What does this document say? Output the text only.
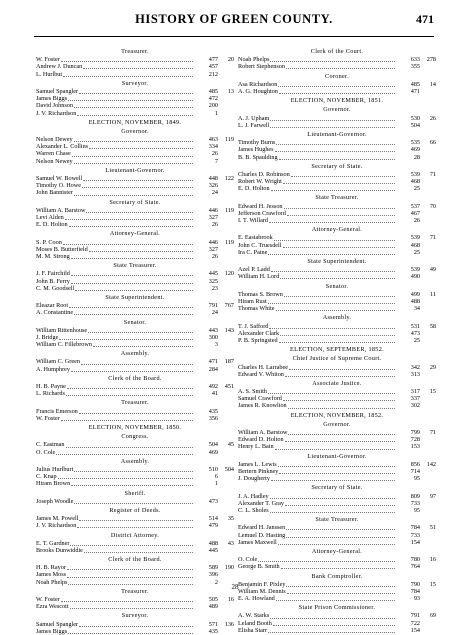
HISTORY OF GREEN COUNTY.	471
Treasurer.
W. Foster	477	20
Andrew J. Duncan	457
L. Hurlbut	212
Surveyor.
Samuel Spangler	485	13
James Biggs	472
David Johnson	200
J. V. Richardson	1
ELECTION, NOVEMBER, 1849.
Governor.
Nelson Dewey	463	119
Alexander L. Collins	334
Warren Chase	26
Nelson Newey	7
Lieutenant-Governor.
Samuel W. Bowell	448	122
Timothy O. Howe	326
John Bannister	24
Secretary of State.
William A. Barstow	446	119
Levi Alden	327
E. D. Holton	26
Attorney-General.
S. P. Coon	446	119
Moses B. Butterfield	327
M. M. Strong	26
State Treasurer.
J. F. Fairchild	445	120
John B. Ferry	325
C. M. Goodsell	23
State Superintendent.
Eleazar Root	791	767
A. Constantine	24
Senator.
William Rittenhouse	443	143
J. Bridge	300
William C. Fillebrown	3
Assembly.
William C. Green	471	187
A. Humphrey	284
Clerk of the Board.
H. B. Payne	492	451
L. Richards	41
Treasurer.
Francis Emerson	435
W. Foster	356
ELECTION, NOVEMBER, 1850.
Congress.
C. Eastman	504	45
O. Cole	469
Assembly.
Julius Hurlburt	510	504
C. Knap	6
Hiram Brown	1
Sheriff.
Joseph Woodle	473
Register of Deeds.
James M. Powell	514	35
J. V. Richardson	479
District Attorney.
E. T. Gardner	488	43
Brooks Dunwiddie	445
Clerk of the Board.
H. B. Rayor	589	190
James Moss	396
Noah Phelps	2
Treasurer.
W. Foster	505	16
Ezra Wescott	489
Surveyor.
Samuel Spangler	571	136
James Biggs	435
Clerk of the Court.
Noah Phelps	633	278
Robert Stephenson	355
Coroner.
Asa Richardson	485	14
A. G. Houghton	471
ELECTION, NOVEMBER, 1851.
Governor.
A. J. Upham	530	26
L. J. Farwell	504
Lieutenant-Governor.
Timothy Burns	535	66
James Hughes	469
B. B. Spaulding	28
Secretary of State.
Charles D. Robinson	539	71
Robert W. Wright	468
E. D. Holton	25
State Treasurer.
Edward H. Jesson	537	70
Jefferson Crawford	467
I. T. Willard	26
Attorney-General.
E. Eastabrook	539	71
John C. Truesdell	468
Ira C. Paine	25
State Superintendent.
Azel P. Ladd	539	49
William H. Lord	490
Senator.
Thomas S. Brown	499	11
Hiram Rust	488
Thomas White	34
Assembly.
T. J. Safford	531	58
Alexander Clark	473
P. B. Springsted	25
ELECTION, SEPTEMBER, 1852.
Chief Justice of Supreme Court.
Charles H. Larrabee	342	29
Edward V. Whiton	313
Associate Justice.
A. S. Smith	317	15
Samuel Crawford	337
James R. Knowlton	302
ELECTION, NOVEMBER, 1852.
Governor.
William A. Barstow	799	71
Edward D. Holton	728
Henry L. Bain	153
Lieutenant-Governor.
James L. Lewis	856	142
Bertern Pinkney	714
J. Dougherty	95
Secretary of State.
J. A. Hadley	809	97
Alexander T. Gray	733
C. L. Sholes	95
State Treasurer.
Edward H. Janssen	784	51
Lemuel D. Hasting	733
James Maxwell	154
Attorney-General.
O. Cole	780	16
George B. Smith	764
Bank Comptroller.
Benjamin F. Pixley	790	15
William M. Dennis	784
E. A. Howland	93
State Prison Commissioner.
A. W. Starks	791	69
Leland Booth	722
Elisha Starr	154
28
